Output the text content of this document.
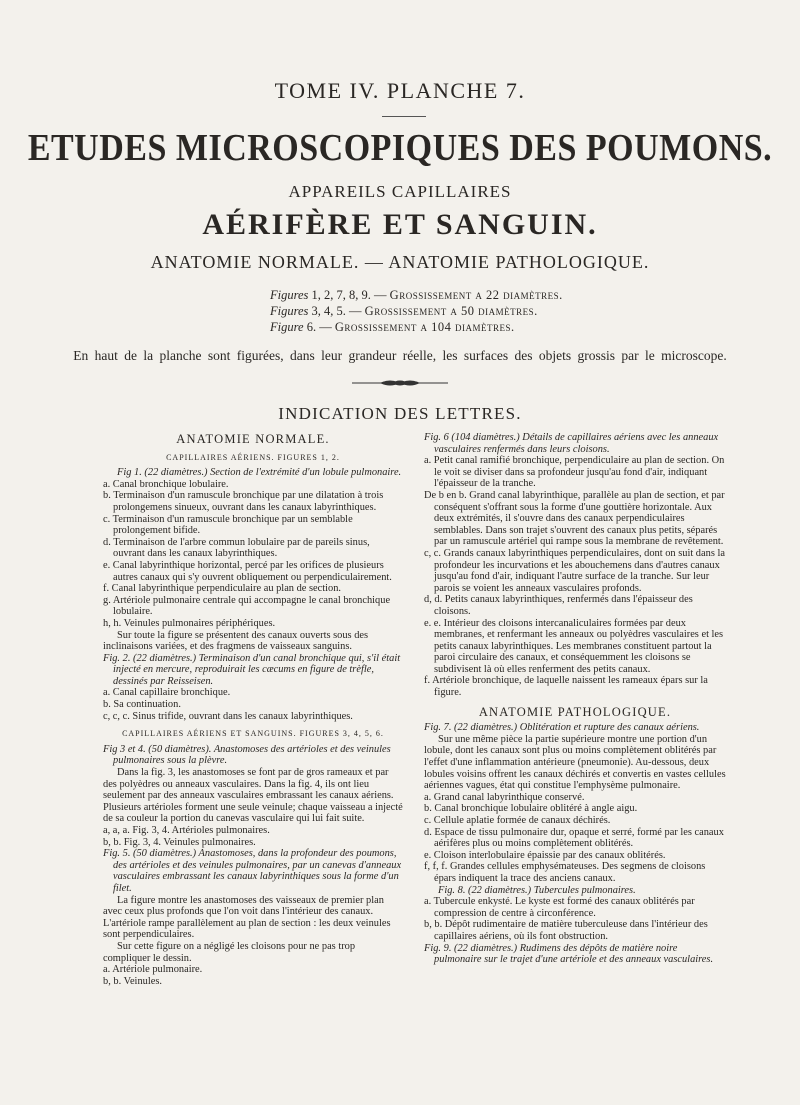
TOME IV. PLANCHE 7.
ETUDES MICROSCOPIQUES DES POUMONS.
APPAREILS CAPILLAIRES
AÉRIFÈRE ET SANGUIN.
ANATOMIE NORMALE. — ANATOMIE PATHOLOGIQUE.
Figures 1, 2, 7, 8, 9. — Grossissement a 22 diamètres.
Figures 3, 4, 5. — Grossissement a 50 diamètres.
Figure 6. — Grossissement a 104 diamètres.
En haut de la planche sont figurées, dans leur grandeur réelle, les surfaces des objets grossis par le microscope.
INDICATION DES LETTRES.

ANATOMIE NORMALE.

CAPILLAIRES AÉRIENS. FIGURES 1, 2.

Fig 1. (22 diamètres.) Section de l'extrémité d'un lobule pulmonaire.

a. Canal bronchique lobulaire.

b. Terminaison d'un ramuscule bronchique par une dilatation à trois prolongemens sinueux, ouvrant dans les canaux labyrinthiques.

c. Terminaison d'un ramuscule bronchique par un semblable prolongement bifide.

d. Terminaison de l'arbre commun lobulaire par de pareils sinus, ouvrant dans les canaux labyrinthiques.

e. Canal labyrinthique horizontal, percé par les orifices de plusieurs autres canaux qui s'y ouvrent obliquement ou perpendiculairement.

f. Canal labyrinthique perpendiculaire au plan de section.

g. Artériole pulmonaire centrale qui accompagne le canal bronchique lobulaire.

h, h. Veinules pulmonaires périphériques.

Sur toute la figure se présentent des canaux ouverts sous des inclinaisons variées, et des fragmens de vaisseaux sanguins.

Fig. 2. (22 diamètres.) Terminaison d'un canal bronchique qui, s'il était injecté en mercure, reproduirait les cæcums en figure de trèfle, dessinés par Reisseisen.

a. Canal capillaire bronchique.

b. Sa continuation.

c, c, c. Sinus trifide, ouvrant dans les canaux labyrinthiques.

CAPILLAIRES AÉRIENS ET SANGUINS. FIGURES 3, 4, 5, 6.

Fig 3 et 4. (50 diamètres). Anastomoses des artérioles et des veinules pulmonaires sous la plèvre.

Dans la fig. 3, les anastomoses se font par de gros rameaux et par des polyèdres ou anneaux vasculaires. Dans la fig. 4, ils ont lieu seulement par des anneaux vasculaires embrassant les canaux aériens. Plusieurs artérioles forment une seule veinule; chaque vaisseau a injecté de sa couleur la portion du canevas vasculaire qui lui fait suite.

a, a, a. Fig. 3, 4. Artérioles pulmonaires.

b, b. Fig. 3, 4. Veinules pulmonaires.

Fig. 5. (50 diamètres.) Anastomoses, dans la profondeur des poumons, des artérioles et des veinules pulmonaires, par un canevas d'anneaux vasculaires embrassant les canaux labyrinthiques sous la forme d'un filet.

La figure montre les anastomoses des vaisseaux de premier plan avec ceux plus profonds que l'on voit dans l'intérieur des canaux. L'artériole rampe parallèlement au plan de section : les deux veinules sont perpendiculaires.

Sur cette figure on a négligé les cloisons pour ne pas trop compliquer le dessin.

a. Artériole pulmonaire.

b, b. Veinules.

Fig. 6 (104 diamètres.) Détails de capillaires aériens avec les anneaux vasculaires renfermés dans leurs cloisons.

a. Petit canal ramifié bronchique, perpendiculaire au plan de section. On le voit se diviser dans sa profondeur jusqu'au fond d'air, indiquant l'épaisseur de la tranche.

De b en b. Grand canal labyrinthique, parallèle au plan de section, et par conséquent s'offrant sous la forme d'une gouttière horizontale. Aux deux extrémités, il s'ouvre dans des canaux perpendiculaires semblables. Dans son trajet s'ouvrent des canaux plus petits, séparés par un ramuscule artériel qui rampe sous la membrane de revêtement.

c, c. Grands canaux labyrinthiques perpendiculaires, dont on suit dans la profondeur les incurvations et les abouchemens dans d'autres canaux jusqu'au fond d'air, indiquant l'autre surface de la tranche. Sur leur parois se voient les anneaux vasculaires profonds.

d, d. Petits canaux labyrinthiques, renfermés dans l'épaisseur des cloisons.

e. e. Intérieur des cloisons intercanaliculaires formées par deux membranes, et renfermant les anneaux ou polyèdres vasculaires et les petits canaux labyrinthiques. Les membranes constituent partout la paroi circulaire des canaux, et conséquemment les cloisons se subdivisent là où elles renferment des petits canaux.

f. Artériole bronchique, de laquelle naissent les rameaux épars sur la figure.

ANATOMIE PATHOLOGIQUE.

Fig. 7. (22 diamètres.) Oblitération et rupture des canaux aériens.

Sur une même pièce la partie supérieure montre une portion d'un lobule, dont les canaux sont plus ou moins complètement oblitérés par l'effet d'une inflammation antérieure (pneumonie). Au-dessous, deux lobules voisins offrent les canaux déchirés et convertis en vastes cellules aériennes vagues, état qui constitue l'emphysème pulmonaire.

a. Grand canal labyrinthique conservé.

b. Canal bronchique lobulaire oblitéré à angle aigu.

c. Cellule aplatie formée de canaux déchirés.

d. Espace de tissu pulmonaire dur, opaque et serré, formé par les canaux aérifères plus ou moins complètement oblitérés.

e. Cloison interlobulaire épaissie par des canaux oblitérés.

f, f, f. Grandes cellules emphysémateuses. Des segmens de cloisons épars indiquent la trace des anciens canaux.

Fig. 8. (22 diamètres.) Tubercules pulmonaires.

a. Tubercule enkysté. Le kyste est formé des canaux oblitérés par compression de centre à circonférence.

b, b. Dépôt rudimentaire de matière tuberculeuse dans l'intérieur des capillaires aériens, où ils font obstruction.

Fig. 9. (22 diamètres.) Rudimens des dépôts de matière noire pulmonaire sur le trajet d'une artériole et des anneaux vasculaires.
